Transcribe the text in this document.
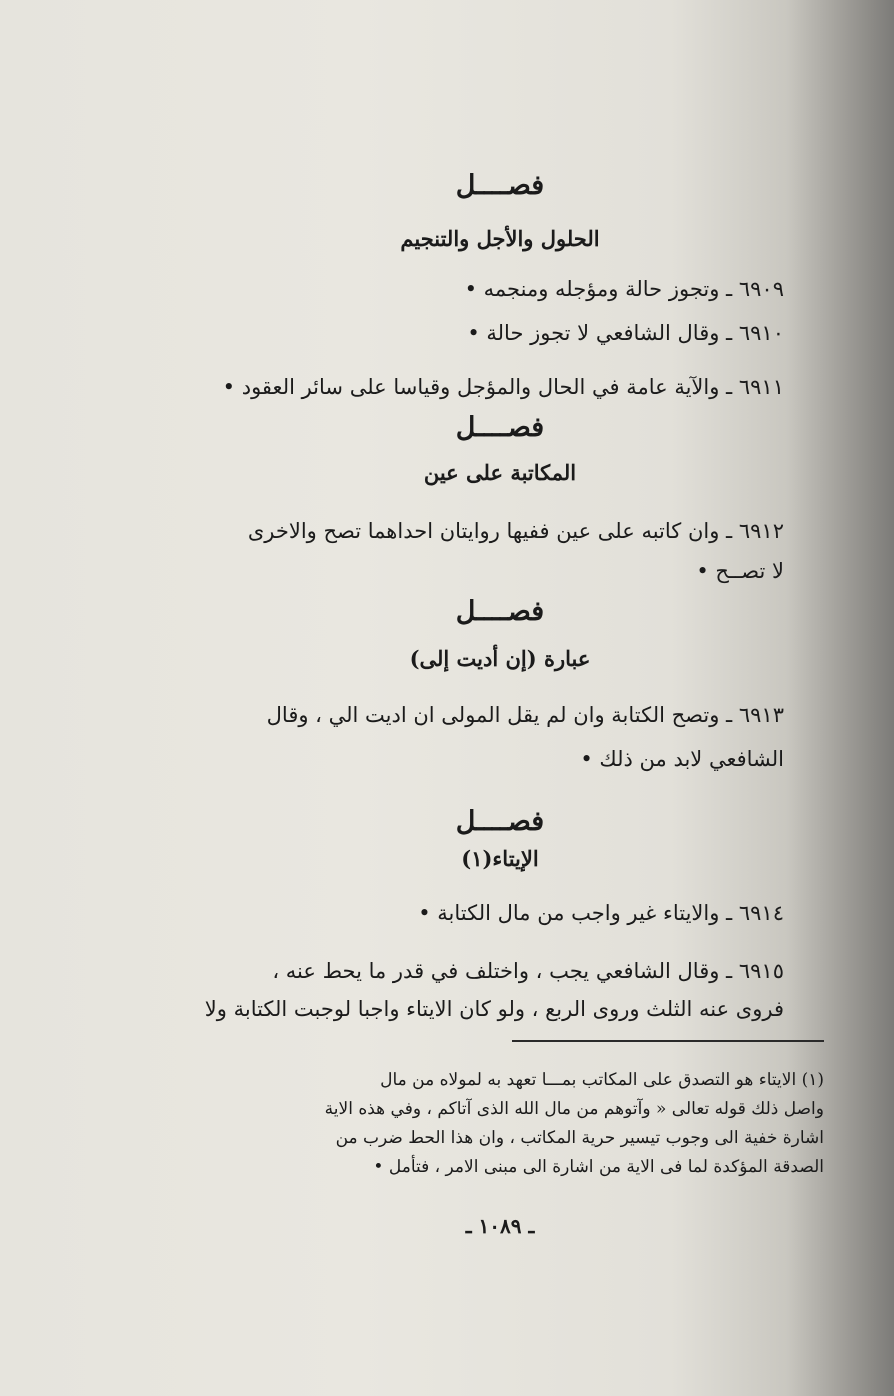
فصــــل
الحلول والأجل والتنجيم
٦٩٠٩ ـ وتجوز حالة ومؤجله ومنجمه •
٦٩١٠ ـ وقال الشافعي لا تجوز حالة •
٦٩١١ ـ والآية عامة في الحال والمؤجل وقياسا على سائر العقود •
فصــــل
المكاتبة على عين
٦٩١٢ ـ وان كاتبه على عين ففيها روايتان احداهما تصح والاخرى
لا تصــح •
فصــــل
عبارة (إن أديت إلى)
٦٩١٣ ـ وتصح الكتابة وان لم يقل المولى ان اديت الي ، وقال
الشافعي لابد من ذلك •
فصــــل
الإيتاء(١)
٦٩١٤ ـ والايتاء غير واجب من مال الكتابة •
٦٩١٥ ـ وقال الشافعي يجب ، واختلف في قدر ما يحط عنه ،
فروى عنه الثلث وروى الربع ، ولو كان الايتاء واجبا لوجبت الكتابة ولا
(١) الايتاء هو التصدق على المكاتب بمـــا تعهد به لمولاه من مال
واصل ذلك قوله تعالى « وآتوهم من مال الله الذى آتاكم ، وفي هذه الاية
اشارة خفية الى وجوب تيسير حرية المكاتب ، وان هذا الحط ضرب من
الصدقة المؤكدة لما فى الاية من اشارة الى مبنى الامر ، فتأمل •
ـ ١٠٨٩ ـ
